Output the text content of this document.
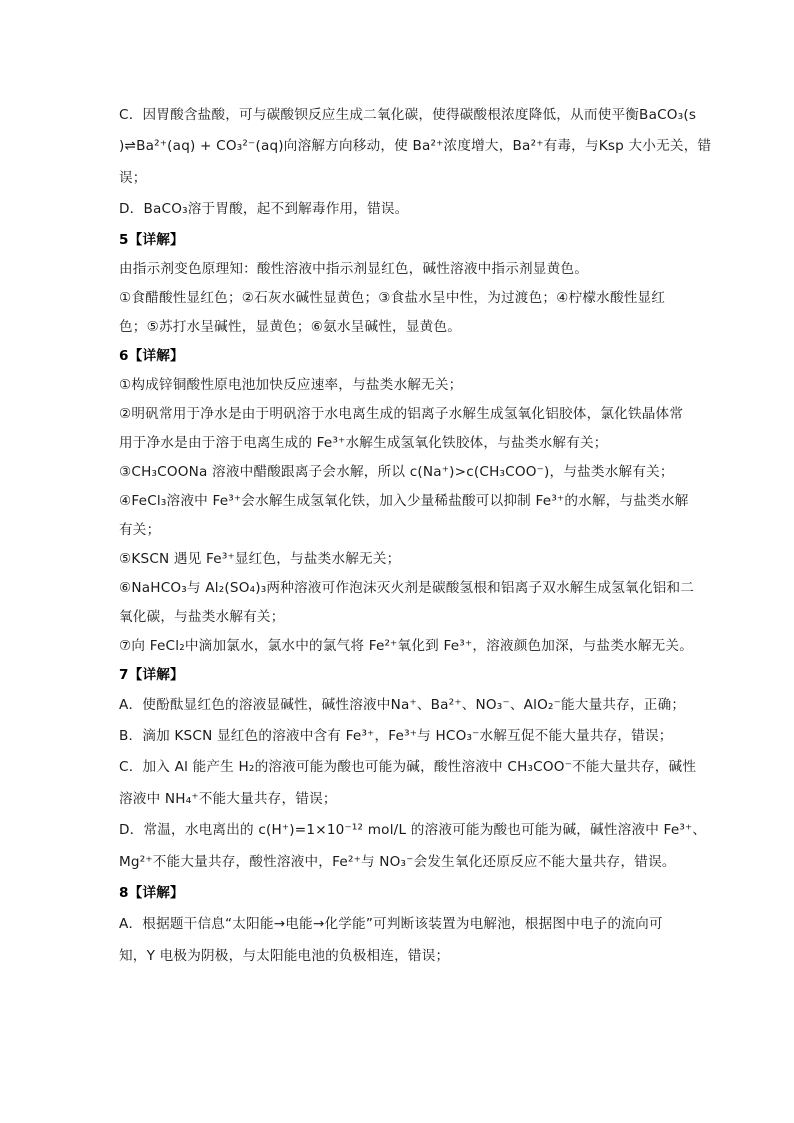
C．因胃酸含盐酸，可与碳酸钡反应生成二氧化碳，使得碳酸根浓度降低，从而使平衡BaCO₃(s
)⇌Ba²⁺(aq) + CO₃²⁻(aq)向溶解方向移动，使 Ba²⁺浓度增大，Ba²⁺有毒，与Ksp 大小无关，错
误；
D．BaCO₃溶于胃酸，起不到解毒作用，错误。
5【详解】
由指示剂变色原理知：酸性溶液中指示剂显红色，碱性溶液中指示剂显黄色。
①食醋酸性显红色；②石灰水碱性显黄色；③食盐水呈中性，为过渡色；④柠檬水酸性显红
色；⑤苏打水呈碱性，显黄色；⑥氨水呈碱性，显黄色。
6【详解】
①构成锌铜酸性原电池加快反应速率，与盐类水解无关；
②明矾常用于净水是由于明矾溶于水电离生成的铝离子水解生成氢氧化铝胶体，氯化铁晶体常
用于净水是由于溶于电离生成的 Fe³⁺水解生成氢氧化铁胶体，与盐类水解有关；
③CH₃COONa 溶液中醋酸跟离子会水解，所以 c(Na⁺)>c(CH₃COO⁻)，与盐类水解有关；
④FeCl₃溶液中 Fe³⁺会水解生成氢氧化铁，加入少量稀盐酸可以抑制 Fe³⁺的水解，与盐类水解
有关；
⑤KSCN 遇见 Fe³⁺显红色，与盐类水解无关；
⑥NaHCO₃与 Al₂(SO₄)₃两种溶液可作泡沫灭火剂是碳酸氢根和铝离子双水解生成氢氧化铝和二
氧化碳，与盐类水解有关；
⑦向 FeCl₂中滴加氯水，氯水中的氯气将 Fe²⁺氧化到 Fe³⁺，溶液颜色加深，与盐类水解无关。
7【详解】
A．使酚酞显红色的溶液显碱性，碱性溶液中Na⁺、Ba²⁺、NO₃⁻、AlO₂⁻能大量共存，正确；
B．滴加 KSCN 显红色的溶液中含有 Fe³⁺，Fe³⁺与 HCO₃⁻水解互促不能大量共存，错误；
C．加入 Al 能产生 H₂的溶液可能为酸也可能为碱，酸性溶液中 CH₃COO⁻不能大量共存，碱性
溶液中 NH₄⁺不能大量共存，错误；
D．常温，水电离出的 c(H⁺)=1×10⁻¹² mol/L 的溶液可能为酸也可能为碱，碱性溶液中 Fe³⁺、
Mg²⁺不能大量共存，酸性溶液中，Fe²⁺与 NO₃⁻会发生氧化还原反应不能大量共存，错误。
8【详解】
A．根据题干信息“太阳能→电能→化学能”可判断该装置为电解池，根据图中电子的流向可
知，Y 电极为阴极，与太阳能电池的负极相连，错误；
